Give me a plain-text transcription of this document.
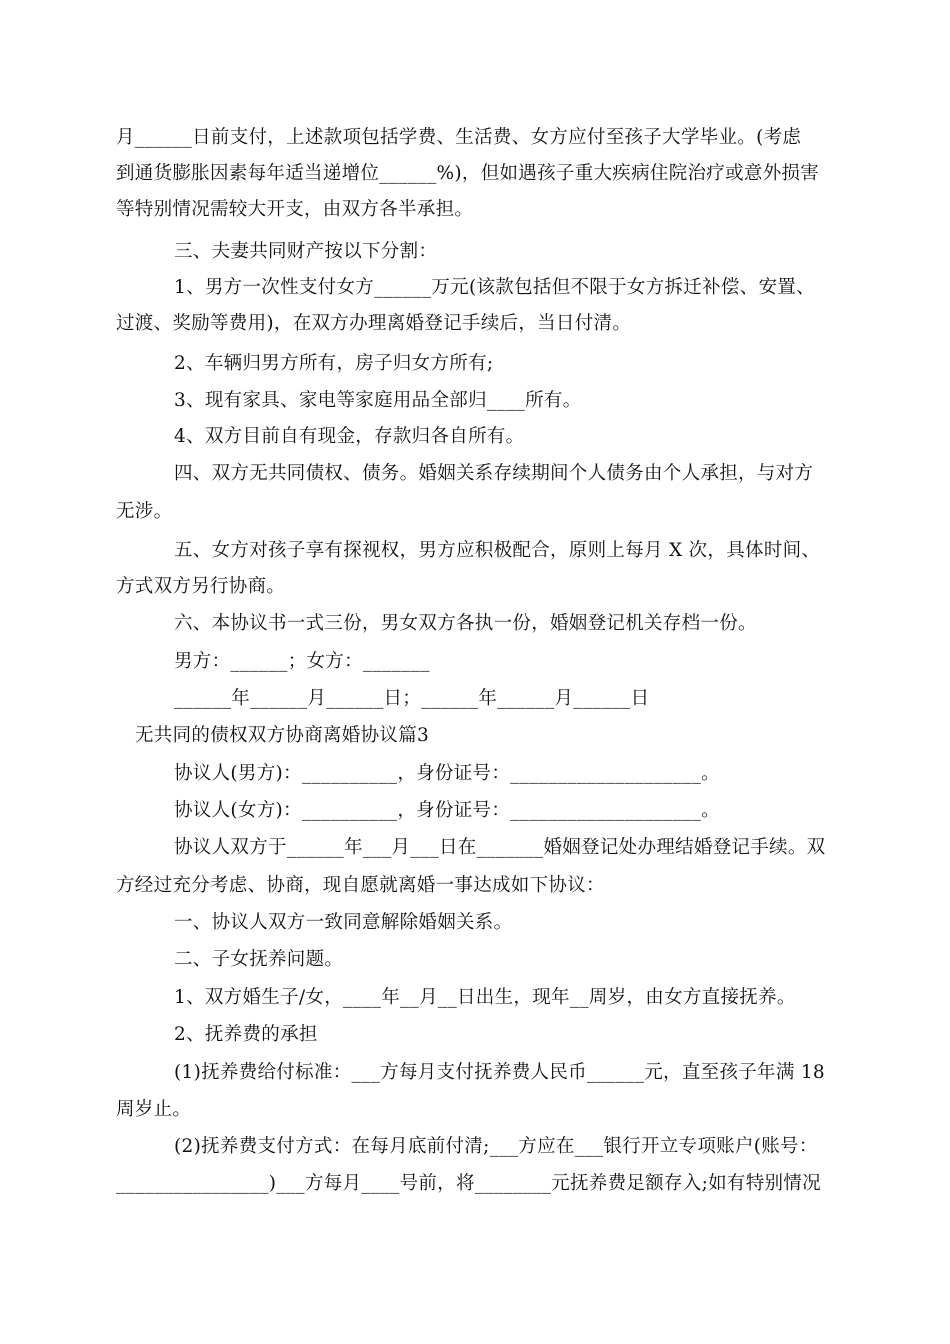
月______日前支付，上述款项包括学费、生活费、女方应付至孩子大学毕业。(考虑
到通货膨胀因素每年适当递增位______%)，但如遇孩子重大疾病住院治疗或意外损害
等特别情况需较大开支，由双方各半承担。
三、夫妻共同财产按以下分割：
1、男方一次性支付女方______万元(该款包括但不限于女方拆迁补偿、安置、
过渡、奖励等费用)，在双方办理离婚登记手续后，当日付清。
2、车辆归男方所有，房子归女方所有;
3、现有家具、家电等家庭用品全部归____所有。
4、双方目前自有现金，存款归各自所有。
四、双方无共同债权、债务。婚姻关系存续期间个人债务由个人承担，与对方
无涉。
五、女方对孩子享有探视权，男方应积极配合，原则上每月 X 次，具体时间、
方式双方另行协商。
六、本协议书一式三份，男女双方各执一份，婚姻登记机关存档一份。
男方：______；女方：_______
______年______月______日；______年______月______日
无共同的债权双方协商离婚协议篇3
协议人(男方)：__________，身份证号：____________________。
协议人(女方)：__________，身份证号：____________________。
协议人双方于______年___月___日在_______婚姻登记处办理结婚登记手续。双
方经过充分考虑、协商，现自愿就离婚一事达成如下协议：
一、协议人双方一致同意解除婚姻关系。
二、子女抚养问题。
1、双方婚生子/女，____年__月__日出生，现年__周岁，由女方直接抚养。
2、抚养费的承担
(1)抚养费给付标准：___方每月支付抚养费人民币______元，直至孩子年满 18
周岁止。
(2)抚养费支付方式：在每月底前付清;___方应在___银行开立专项账户(账号：
________________)___方每月____号前，将________元抚养费足额存入;如有特别情况
